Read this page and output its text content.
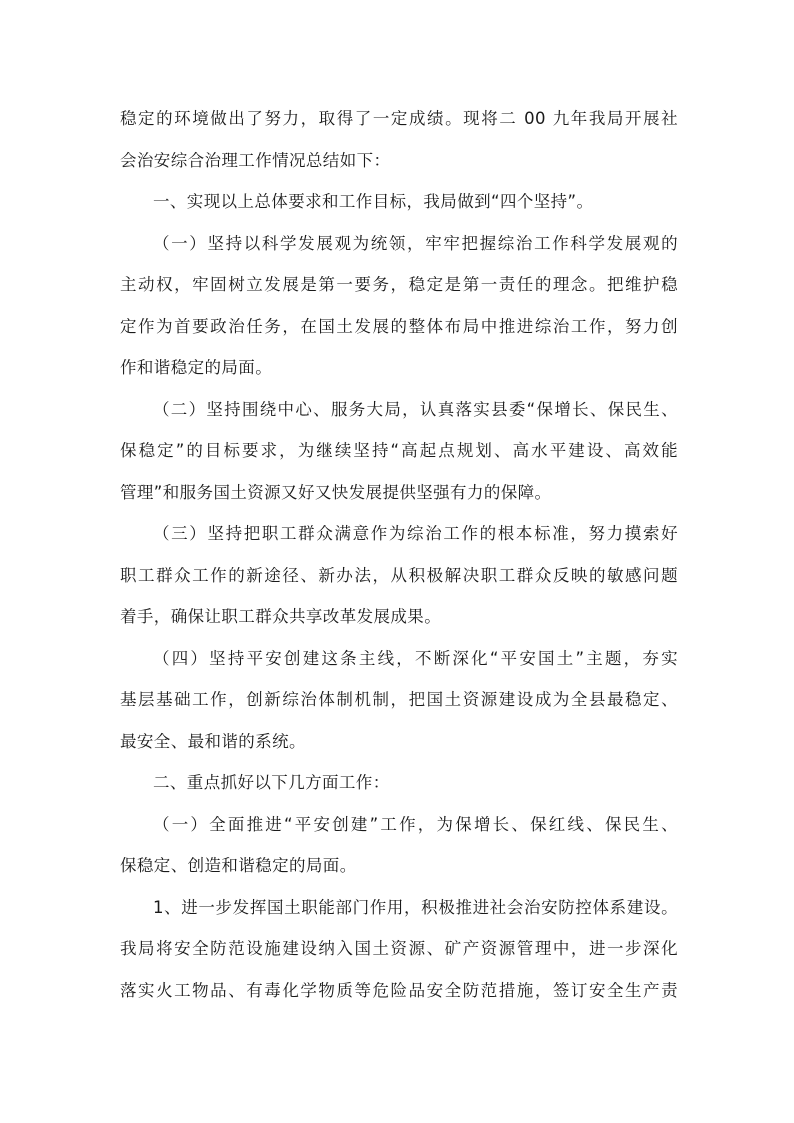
稳定的环境做出了努力，取得了一定成绩。现将二 00 九年我局开展社
会治安综合治理工作情况总结如下：
一、实现以上总体要求和工作目标，我局做到“四个坚持”。
（一）坚持以科学发展观为统领，牢牢把握综治工作科学发展观的
主动权，牢固树立发展是第一要务，稳定是第一责任的理念。把维护稳
定作为首要政治任务，在国土发展的整体布局中推进综治工作，努力创
作和谐稳定的局面。
（二）坚持围绕中心、服务大局，认真落实县委“保增长、保民生、
保稳定”的目标要求，为继续坚持“高起点规划、高水平建设、高效能
管理”和服务国土资源又好又快发展提供坚强有力的保障。
（三）坚持把职工群众满意作为综治工作的根本标准，努力摸索好
职工群众工作的新途径、新办法，从积极解决职工群众反映的敏感问题
着手，确保让职工群众共享改革发展成果。
（四）坚持平安创建这条主线，不断深化“平安国土”主题，夯实
基层基础工作，创新综治体制机制，把国土资源建设成为全县最稳定、
最安全、最和谐的系统。
二、重点抓好以下几方面工作：
（一）全面推进“平安创建”工作，为保增长、保红线、保民生、
保稳定、创造和谐稳定的局面。
1、进一步发挥国土职能部门作用，积极推进社会治安防控体系建设。
我局将安全防范设施建设纳入国土资源、矿产资源管理中，进一步深化
落实火工物品、有毒化学物质等危险品安全防范措施，签订安全生产责
